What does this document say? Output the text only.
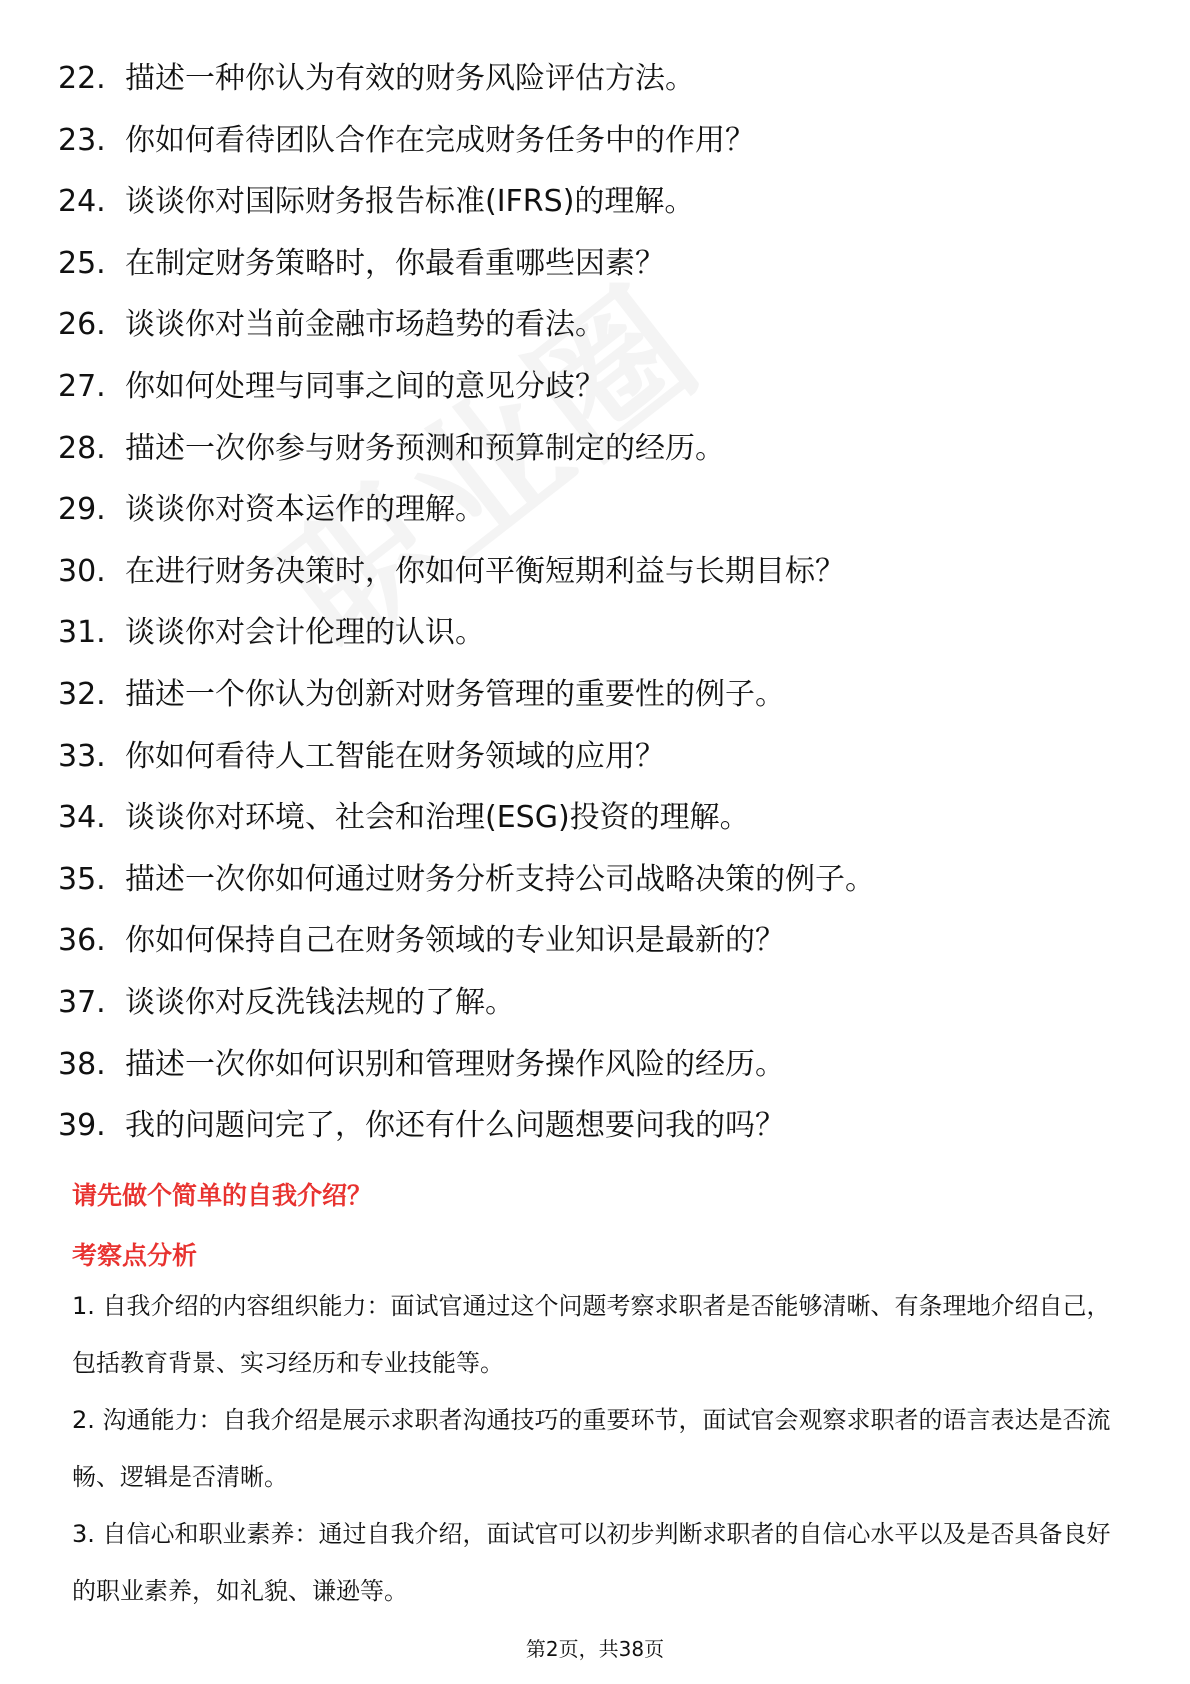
22. 描述一种你认为有效的财务风险评估方法。
23. 你如何看待团队合作在完成财务任务中的作用？
24. 谈谈你对国际财务报告标准(IFRS)的理解。
25. 在制定财务策略时，你最看重哪些因素？
26. 谈谈你对当前金融市场趋势的看法。
27. 你如何处理与同事之间的意见分歧？
28. 描述一次你参与财务预测和预算制定的经历。
29. 谈谈你对资本运作的理解。
30. 在进行财务决策时，你如何平衡短期利益与长期目标？
31. 谈谈你对会计伦理的认识。
32. 描述一个你认为创新对财务管理的重要性的例子。
33. 你如何看待人工智能在财务领域的应用？
34. 谈谈你对环境、社会和治理(ESG)投资的理解。
35. 描述一次你如何通过财务分析支持公司战略决策的例子。
36. 你如何保持自己在财务领域的专业知识是最新的？
37. 谈谈你对反洗钱法规的了解。
38. 描述一次你如何识别和管理财务操作风险的经历。
39. 我的问题问完了，你还有什么问题想要问我的吗？
请先做个简单的自我介绍？
考察点分析
1. 自我介绍的内容组织能力：面试官通过这个问题考察求职者是否能够清晰、有条理地介绍自己，包括教育背景、实习经历和专业技能等。
2. 沟通能力：自我介绍是展示求职者沟通技巧的重要环节，面试官会观察求职者的语言表达是否流畅、逻辑是否清晰。
3. 自信心和职业素养：通过自我介绍，面试官可以初步判断求职者的自信心水平以及是否具备良好的职业素养，如礼貌、谦逊等。
第2页，共38页
